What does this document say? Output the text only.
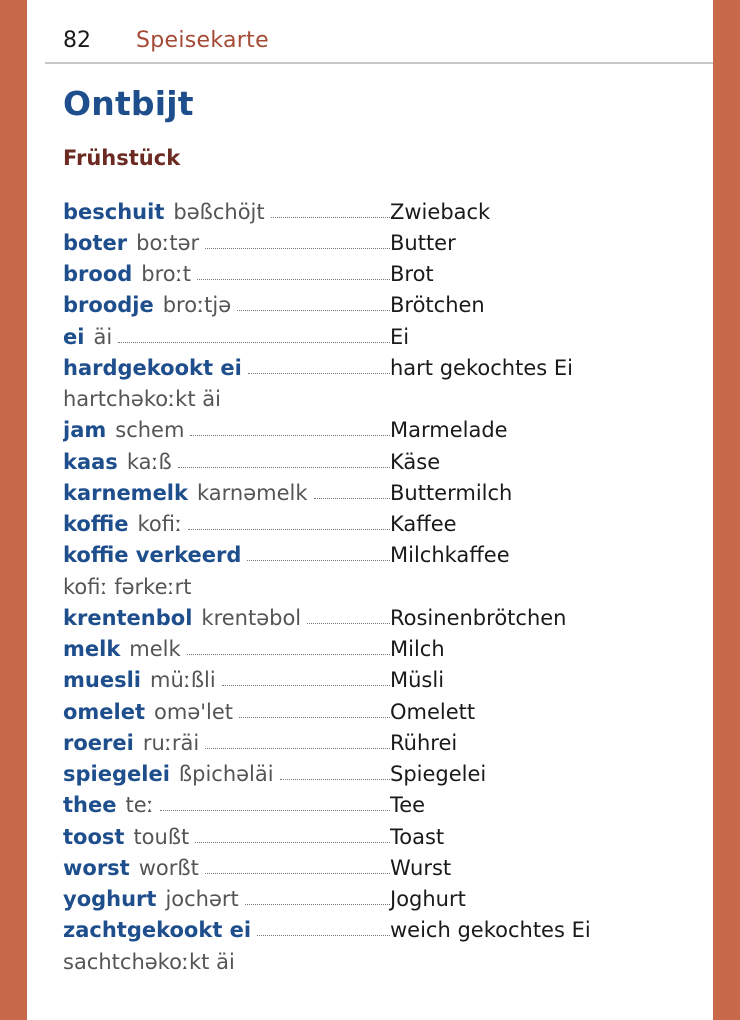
82	Speisekarte
Ontbijt
Frühstück
beschuit bəßchöjt	Zwieback
boter boːtər	Butter
brood broːt	Brot
broodje broːtjə	Brötchen
ei äi	Ei
hardgekookt ei	hart gekochtes Ei
hartchəkoːkt äi
jam schem	Marmelade
kaas kaːß	Käse
karnemelk karnəmelk	Buttermilch
koffie kofiː	Kaffee
koffie verkeerd	Milchkaffee
kofiː fərkeːrt
krentenbol krentəbol	Rosinenbrötchen
melk melk	Milch
muesli müːßli	Müsli
omelet omə'let	Omelett
roerei ruːräi	Rührei
spiegelei ßpichəläi	Spiegelei
thee teː	Tee
toost toußt	Toast
worst worßt	Wurst
yoghurt jochərt	Joghurt
zachtgekookt ei	weich gekochtes Ei
sachtchəkoːkt äi
